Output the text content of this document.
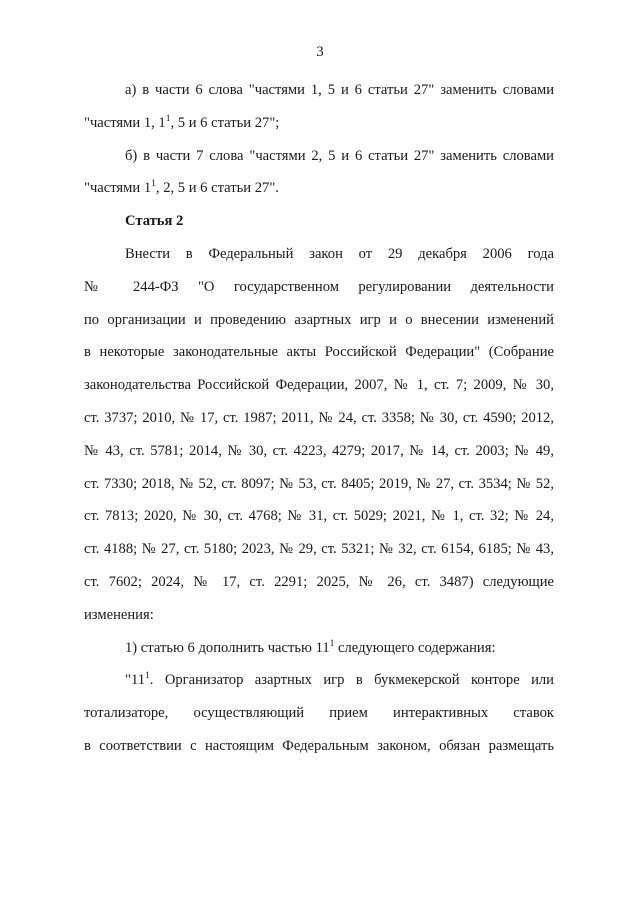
3
а) в части 6 слова "частями 1, 5 и 6 статьи 27" заменить словами
"частями 1, $1^1$, 5 и 6 статьи 27";
б) в части 7 слова "частями 2, 5 и 6 статьи 27" заменить словами
"частями $1^1$, 2, 5 и 6 статьи 27".
Статья 2
Внести в Федеральный закон от 29 декабря 2006 года
№ 244-ФЗ "О государственном регулировании деятельности
по организации и проведению азартных игр и о внесении изменений
в некоторые законодательные акты Российской Федерации" (Собрание
законодательства Российской Федерации, 2007, № 1, ст. 7; 2009, № 30,
ст. 3737; 2010, № 17, ст. 1987; 2011, № 24, ст. 3358; № 30, ст. 4590; 2012,
№ 43, ст. 5781; 2014, № 30, ст. 4223, 4279; 2017, № 14, ст. 2003; № 49,
ст. 7330; 2018, № 52, ст. 8097; № 53, ст. 8405; 2019, № 27, ст. 3534; № 52,
ст. 7813; 2020, № 30, ст. 4768; № 31, ст. 5029; 2021, № 1, ст. 32; № 24,
ст. 4188; № 27, ст. 5180; 2023, № 29, ст. 5321; № 32, ст. 6154, 6185; № 43,
ст. 7602; 2024, № 17, ст. 2291; 2025, № 26, ст. 3487) следующие
изменения:
1) статью 6 дополнить частью $11^1$ следующего содержания:
"$11^1$. Организатор азартных игр в букмекерской конторе или
тотализаторе, осуществляющий прием интерактивных ставок
в соответствии с настоящим Федеральным законом, обязан размещать
